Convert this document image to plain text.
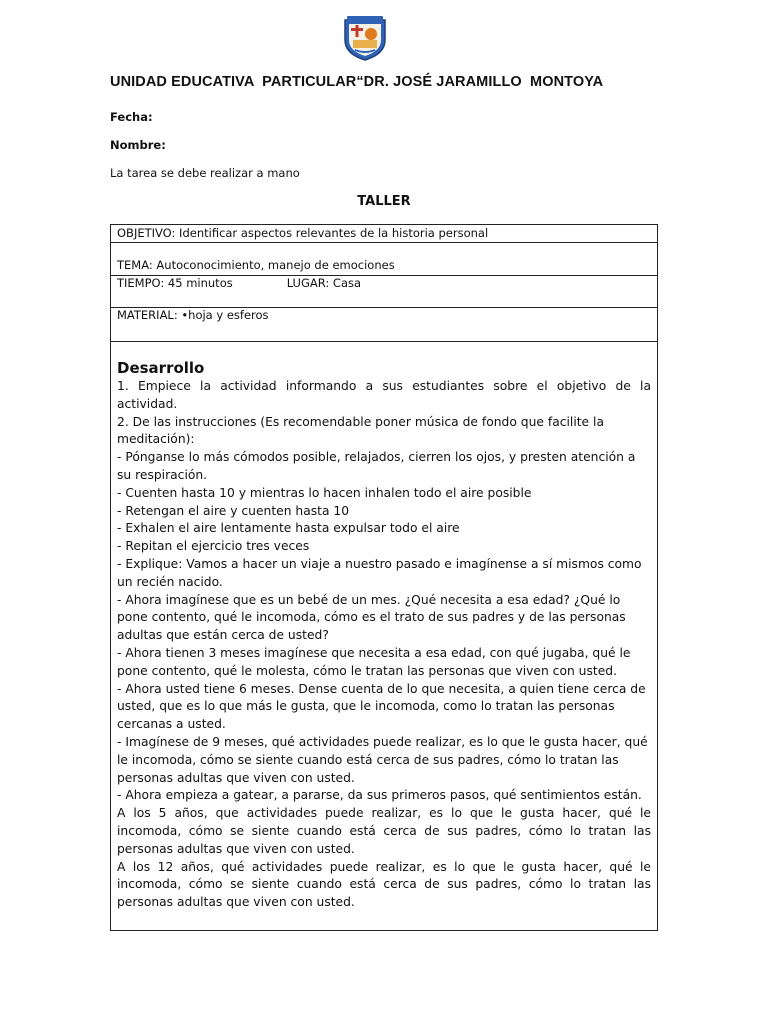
UNIDAD EDUCATIVA  PARTICULAR“DR. JOSÉ JARAMILLO  MONTOYA
Fecha:
Nombre:
La tarea se debe realizar a mano
TALLER
OBJETIVO: Identificar aspectos relevantes de la historia personal
TEMA: Autoconocimiento, manejo de emociones
TIEMPO: 45 minutos	LUGAR: Casa
MATERIAL: •hoja y esferos
Desarrollo

1. Empiece la actividad informando a sus estudiantes sobre el objetivo de la actividad.

2. De las instrucciones (Es recomendable poner música de fondo que facilite la meditación):

- Pónganse lo más cómodos posible, relajados, cierren los ojos, y presten atención a su respiración.

- Cuenten hasta 10 y mientras lo hacen inhalen todo el aire posible

- Retengan el aire y cuenten hasta 10

- Exhalen el aire lentamente hasta expulsar todo el aire

- Repitan el ejercicio tres veces

- Explique: Vamos a hacer un viaje a nuestro pasado e imagínense a sí mismos como un recién nacido.

- Ahora imagínese que es un bebé de un mes. ¿Qué necesita a esa edad? ¿Qué lo pone contento, qué le incomoda, cómo es el trato de sus padres y de las personas adultas que están cerca de usted?

- Ahora tienen 3 meses imagínese que necesita a esa edad, con qué jugaba, qué le pone contento, qué le molesta, cómo le tratan las personas que viven con usted.

- Ahora usted tiene 6 meses. Dense cuenta de lo que necesita, a quien tiene cerca de usted, que es lo que más le gusta, que le incomoda, como lo tratan las personas cercanas a usted.

- Imagínese de 9 meses, qué actividades puede realizar, es lo que le gusta hacer, qué le incomoda, cómo se siente cuando está cerca de sus padres, cómo lo tratan las personas adultas que viven con usted.

- Ahora empieza a gatear, a pararse, da sus primeros pasos, qué sentimientos están.

A los 5 años, que actividades puede realizar, es lo que le gusta hacer, qué le incomoda, cómo se siente cuando está cerca de sus padres, cómo lo tratan las personas adultas que viven con usted.

A los 12 años, qué actividades puede realizar, es lo que le gusta hacer, qué le incomoda, cómo se siente cuando está cerca de sus padres, cómo lo tratan las personas adultas que viven con usted.
